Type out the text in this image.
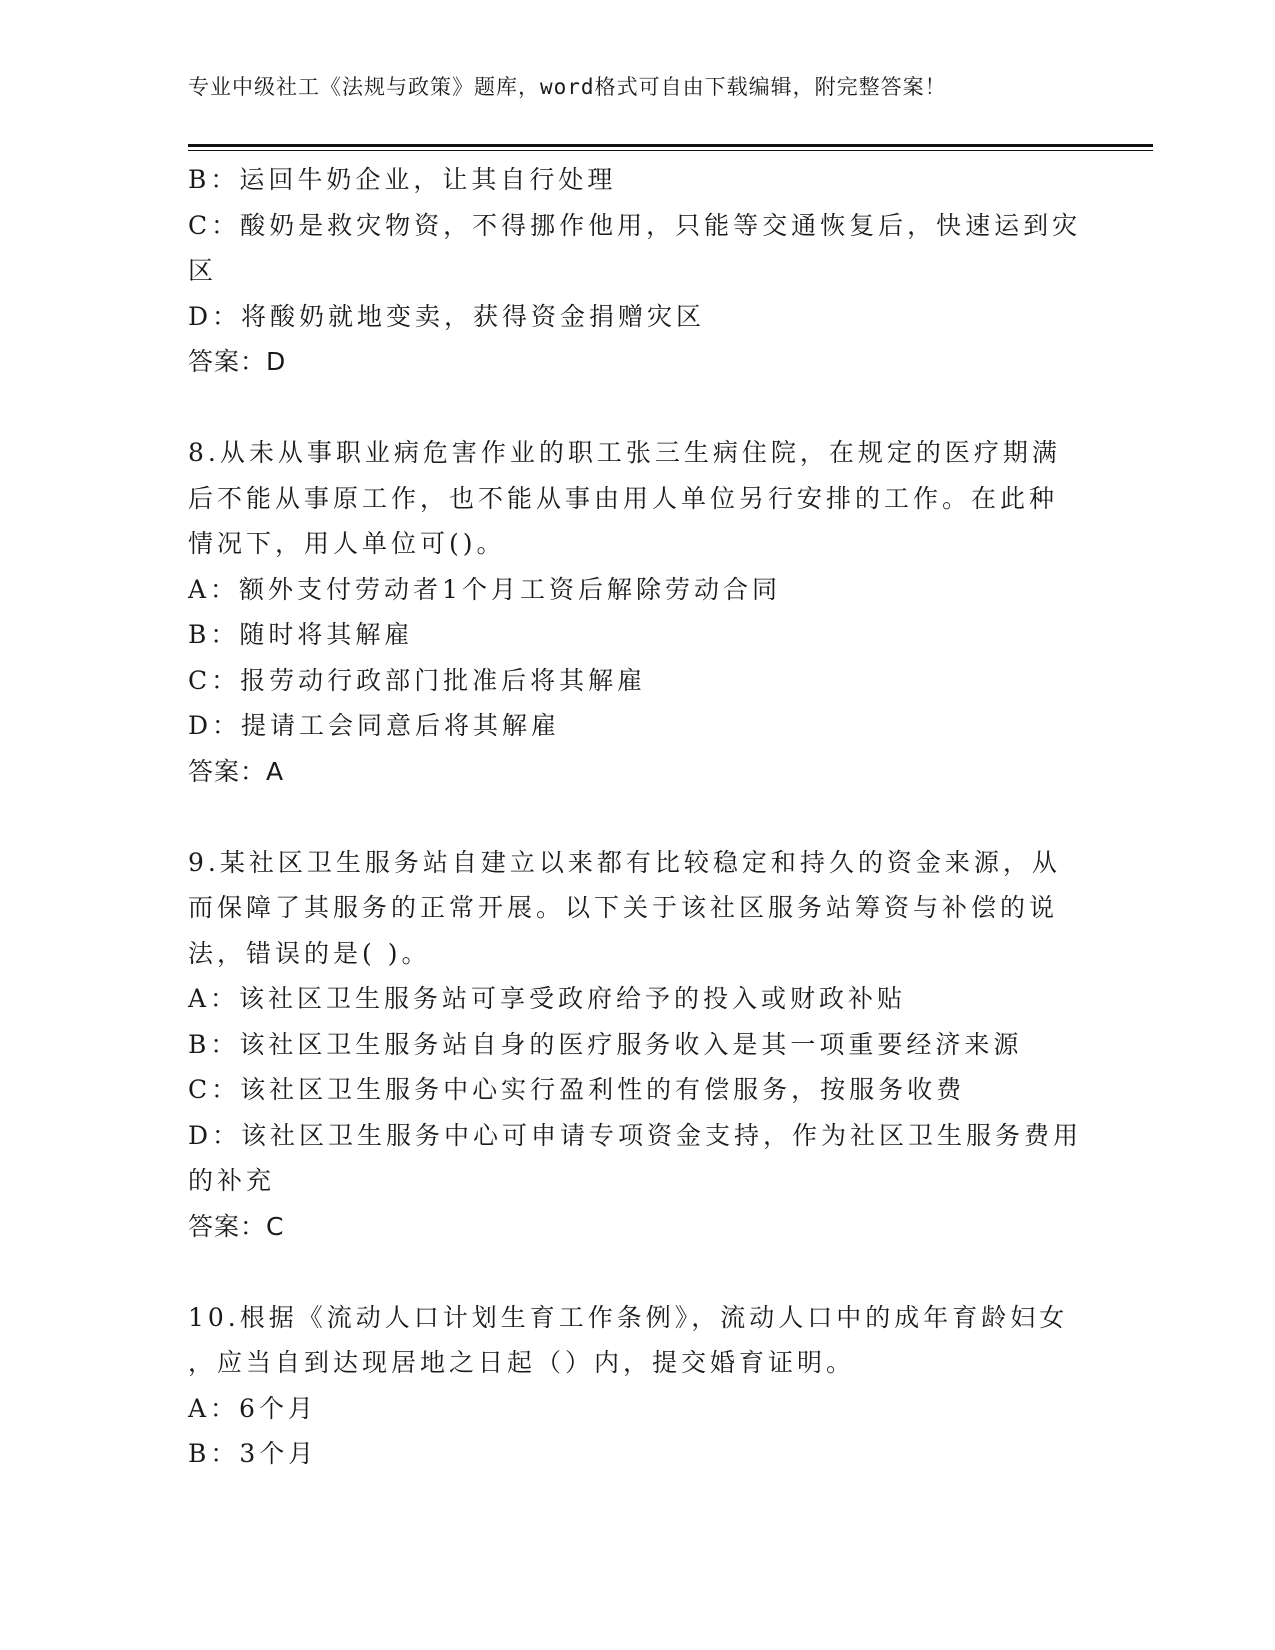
专业中级社工《法规与政策》题库，word格式可自由下载编辑，附完整答案！
B：运回牛奶企业，让其自行处理
C：酸奶是救灾物资，不得挪作他用，只能等交通恢复后，快速运到灾
区
D：将酸奶就地变卖，获得资金捐赠灾区
答案：D
8.从未从事职业病危害作业的职工张三生病住院，在规定的医疗期满
后不能从事原工作，也不能从事由用人单位另行安排的工作。在此种
情况下，用人单位可()。
A：额外支付劳动者1个月工资后解除劳动合同
B：随时将其解雇
C：报劳动行政部门批准后将其解雇
D：提请工会同意后将其解雇
答案：A
9.某社区卫生服务站自建立以来都有比较稳定和持久的资金来源，从
而保障了其服务的正常开展。以下关于该社区服务站筹资与补偿的说
法，错误的是( )。
A：该社区卫生服务站可享受政府给予的投入或财政补贴
B：该社区卫生服务站自身的医疗服务收入是其一项重要经济来源
C：该社区卫生服务中心实行盈利性的有偿服务，按服务收费
D：该社区卫生服务中心可申请专项资金支持，作为社区卫生服务费用
的补充
答案：C
10.根据《流动人口计划生育工作条例》，流动人口中的成年育龄妇女
，应当自到达现居地之日起（）内，提交婚育证明。
A：6个月
B：3个月
